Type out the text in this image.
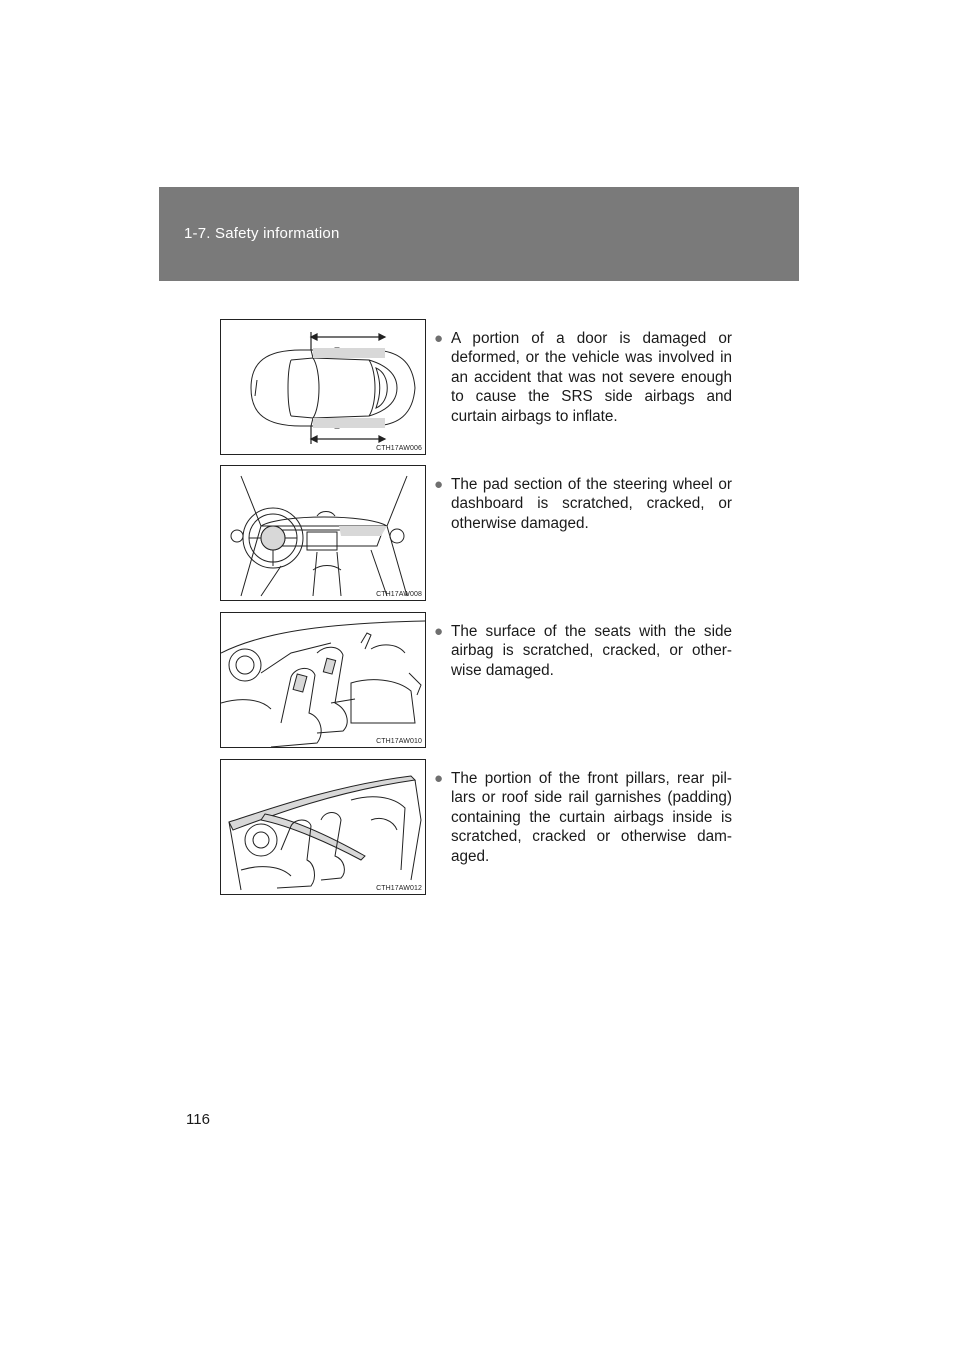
1-7. Safety information
CTH17AW006
● A portion of a door is damaged or deformed, or the vehicle was involved in an accident that was not severe enough to cause the SRS side airbags and curtain airbags to inflate.
CTH17AW008
● The pad section of the steering wheel or dashboard is scratched, cracked, or otherwise damaged.
CTH17AW010
● The surface of the seats with the side airbag is scratched, cracked, or other-wise damaged.
CTH17AW012
● The portion of the front pillars, rear pil-lars or roof side rail garnishes (padding) containing the curtain airbags inside is scratched, cracked or otherwise dam-aged.
116
